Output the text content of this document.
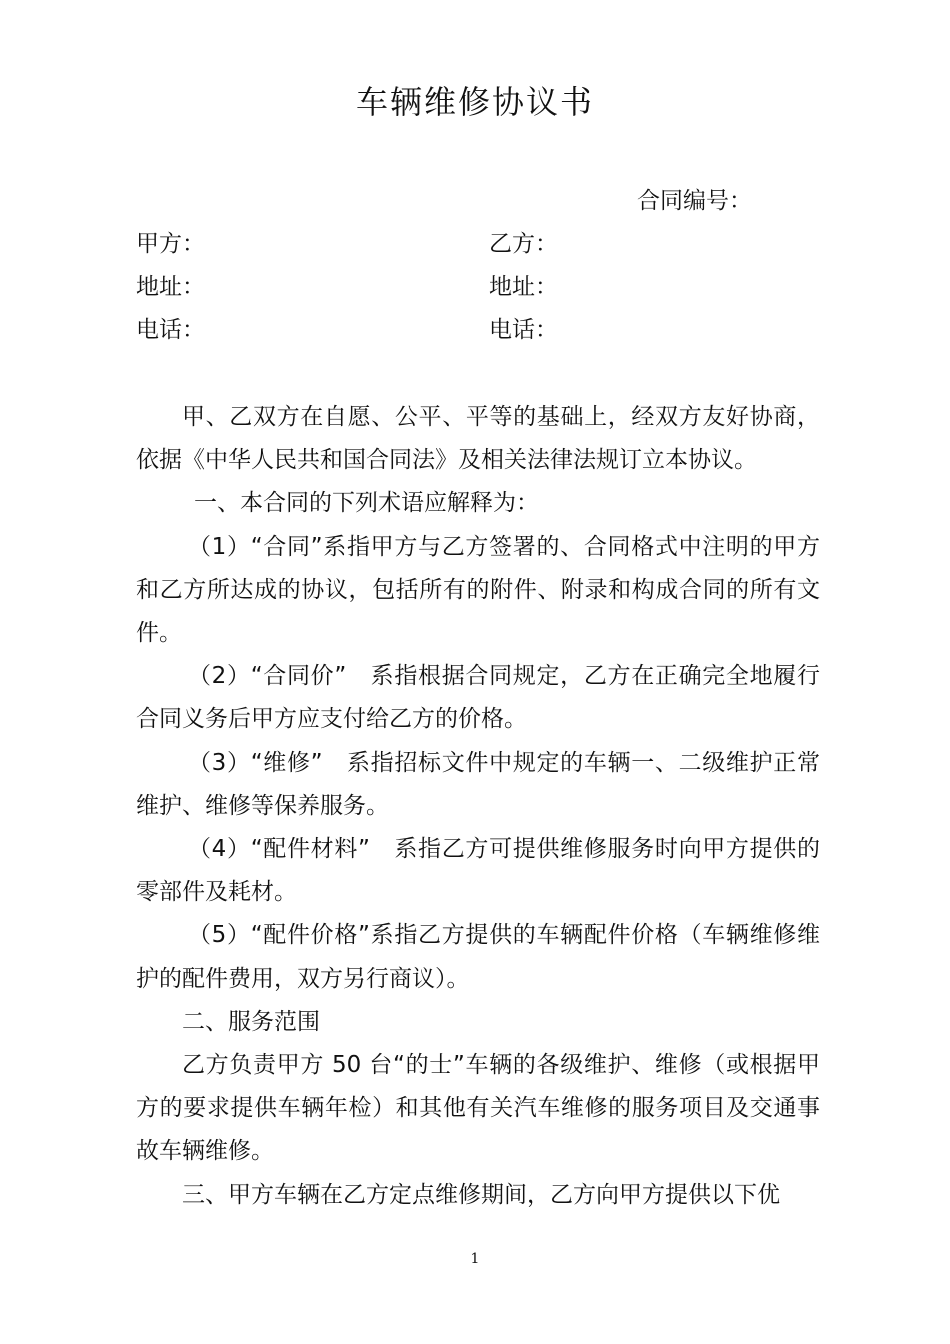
车辆维修协议书
合同编号：
甲方：	乙方：
地址：	地址：
电话：	电话：

甲、乙双方在自愿、公平、平等的基础上，经双方友好协商，依据《中华人民共和国合同法》及相关法律法规订立本协议。

一、本合同的下列术语应解释为：

（1）“合同”系指甲方与乙方签署的、合同格式中注明的甲方和乙方所达成的协议，包括所有的附件、附录和构成合同的所有文件。

（2）“合同价”　系指根据合同规定，乙方在正确完全地履行合同义务后甲方应支付给乙方的价格。

（3）“维修”　系指招标文件中规定的车辆一、二级维护正常维护、维修等保养服务。

（4）“配件材料”　系指乙方可提供维修服务时向甲方提供的零部件及耗材。

（5）“配件价格”系指乙方提供的车辆配件价格（车辆维修维护的配件费用，双方另行商议）。

二、服务范围

乙方负责甲方 50 台“的士”车辆的各级维护、维修（或根据甲方的要求提供车辆年检）和其他有关汽车维修的服务项目及交通事故车辆维修。

三、甲方车辆在乙方定点维修期间，乙方向甲方提供以下优

1
